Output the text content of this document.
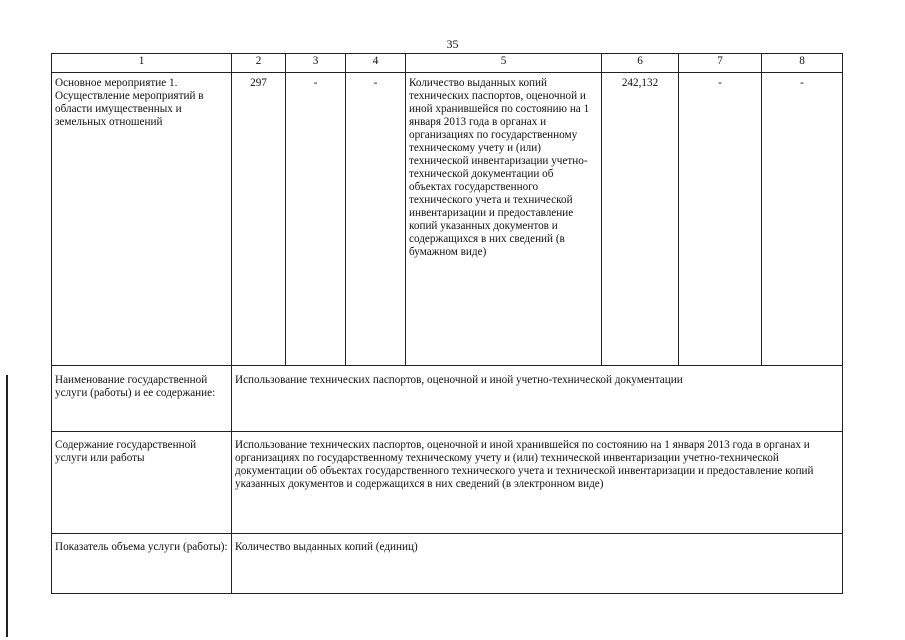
35
1	2	3	4	5	6	7	8
Основное мероприятие 1. Осуществление мероприятий в области имущественных и земельных отношений	297	-	-	Количество выданных копий технических паспортов, оценочной и иной хранившейся по состоянию на 1 января 2013 года в органах и организациях по государственному техническому учету и (или) технической инвентаризации учетно-технической документации об объектах государственного технического учета и технической инвентаризации и предоставление копий указанных документов и содержащихся в них сведений (в бумажном виде)	242,132	-	-
Наименование государственной услуги (работы) и ее содержание:	Использование технических паспортов, оценочной и иной учетно-технической документации						
Содержание государственной услуги или работы	Использование технических паспортов, оценочной и иной хранившейся по состоянию на 1 января 2013 года в органах и организациях по государственному техническому учету и (или) технической инвентаризации учетно-технической документации об объектах государственного технического учета и технической инвентаризации и предоставление копий указанных документов и содержащихся в них сведений (в электронном виде)						
Показатель объема услуги (работы):	Количество выданных копий (единиц)						
